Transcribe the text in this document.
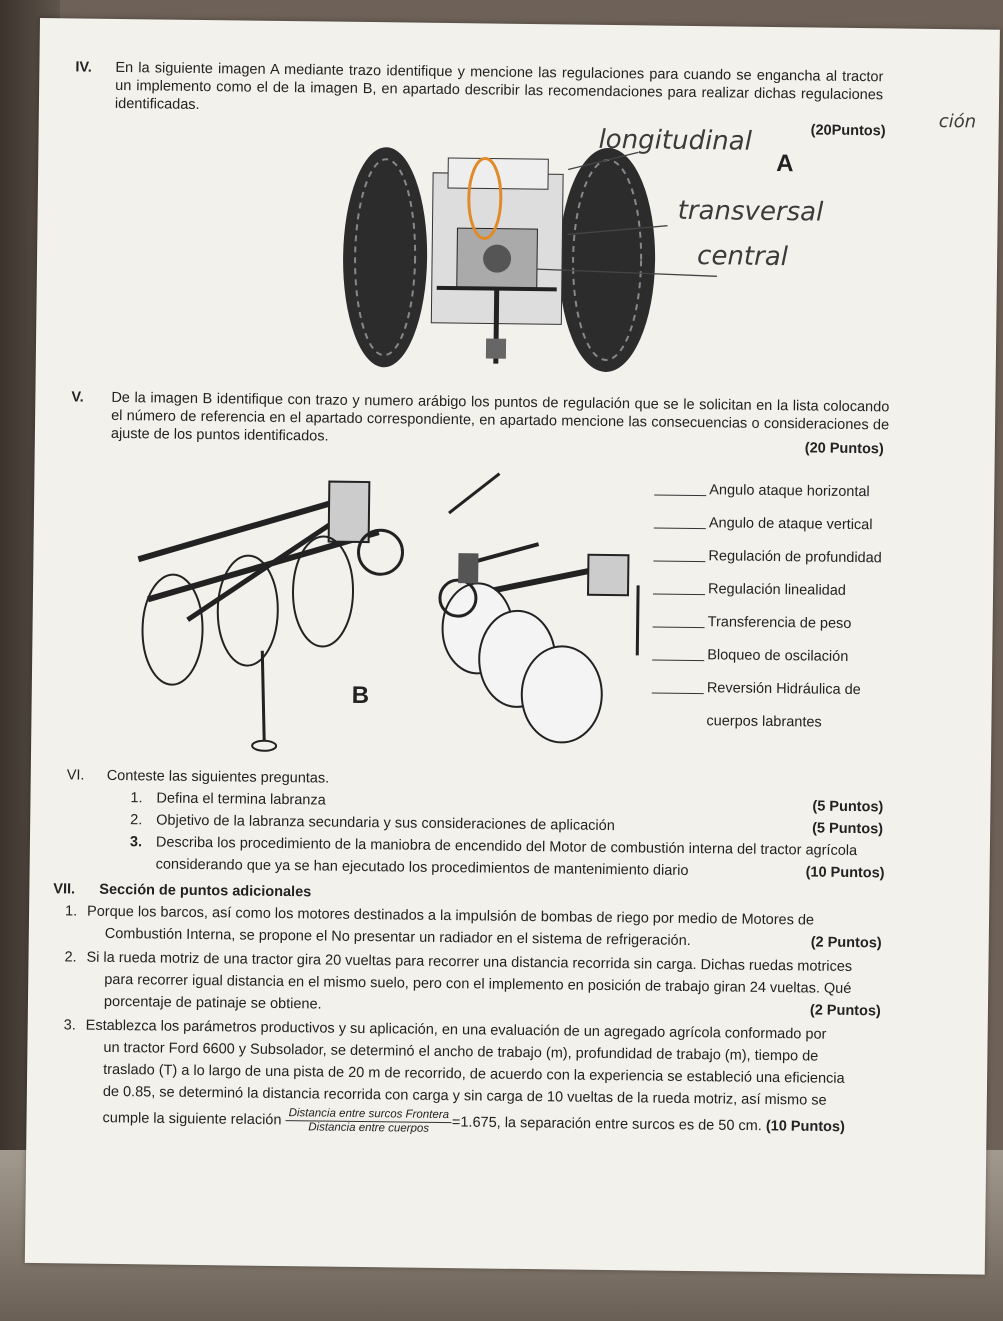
IV. En la siguiente imagen A mediante trazo identifique y mencione las regulaciones para cuando se engancha al tractor un implemento como el de la imagen B, en apartado describir las recomendaciones para realizar dichas regulaciones identificadas.
(20Puntos)	ción
A
longitudinal
transversal
central
V. De la imagen B identifique con trazo y numero arábigo los puntos de regulación que se le solicitan en la lista colocando el número de referencia en el apartado correspondiente, en apartado mencione las consecuencias o consideraciones de ajuste de los puntos identificados.
(20 Puntos)
B
Angulo ataque horizontal
Angulo de ataque vertical
Regulación de profundidad
Regulación linealidad
Transferencia de peso
Bloqueo de oscilación
Reversión Hidráulica de
cuerpos labrantes
VI. Conteste las siguientes preguntas.
1. Defina el termina labranza	(5 Puntos)
2. Objetivo de la labranza secundaria y sus consideraciones de aplicación	(5 Puntos)
3. Describa los procedimiento de la maniobra de encendido del Motor de combustión interna del tractor agrícola
considerando que ya se han ejecutado los procedimientos de mantenimiento diario	(10 Puntos)
VII. Sección de puntos adicionales
1. Porque los barcos, así como los motores destinados a la impulsión de bombas de riego por medio de Motores de
Combustión Interna, se propone el No presentar un radiador en el sistema de refrigeración.	(2 Puntos)
2. Si la rueda motriz de una tractor gira 20 vueltas para recorrer una distancia recorrida sin carga. Dichas ruedas motrices
para recorrer igual distancia en el mismo suelo, pero con el implemento en posición de trabajo giran 24 vueltas. Qué
porcentaje de patinaje se obtiene.	(2 Puntos)
3. Establezca los parámetros productivos y su aplicación, en una evaluación de un agregado agrícola conformado por
un tractor Ford 6600 y Subsolador, se determinó el ancho de trabajo (m), profundidad de trabajo (m), tiempo de
traslado (T) a lo largo de una pista de 20 m de recorrido, de acuerdo con la experiencia se estableció una eficiencia
de 0.85, se determinó la distancia recorrida con carga y sin carga de 10 vueltas de la rueda motriz, así mismo se
cumple la siguiente relación $\frac{\text{Distancia entre surcos Frontera}}{\text{Distancia entre cuerpos}} =1.675$, la separación entre surcos es de 50 cm. (10 Puntos)
